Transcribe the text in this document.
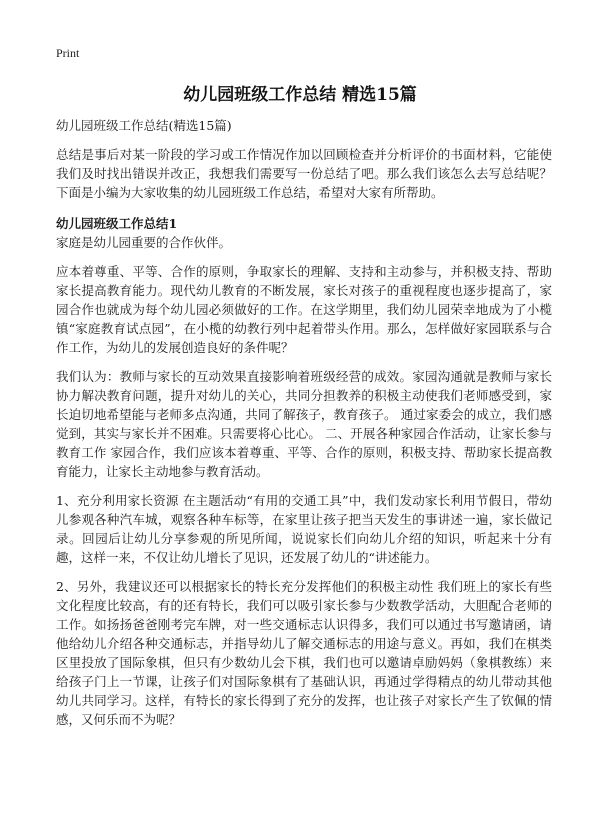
Print
幼儿园班级工作总结 精选15篇

幼儿园班级工作总结(精选15篇)

总结是事后对某一阶段的学习或工作情况作加以回顾检查并分析评价的书面材料，它能使我们及时找出错误并改正，我想我们需要写一份总结了吧。那么我们该怎么去写总结呢？下面是小编为大家收集的幼儿园班级工作总结，希望对大家有所帮助。

幼儿园班级工作总结1

家庭是幼儿园重要的合作伙伴。

应本着尊重、平等、合作的原则，争取家长的理解、支持和主动参与，并积极支持、帮助家长提高教育能力。现代幼儿教育的不断发展，家长对孩子的重视程度也逐步提高了，家园合作也就成为每个幼儿园必须做好的工作。在这学期里，我们幼儿园荣幸地成为了小榄镇“家庭教育试点园”，在小榄的幼教行列中起着带头作用。那么，怎样做好家园联系与合作工作，为幼儿的发展创造良好的条件呢？

我们认为：教师与家长的互动效果直接影响着班级经营的成效。家园沟通就是教师与家长协力解决教育问题，提升对幼儿的关心，共同分担教养的积极主动使我们老师感受到，家长迫切地希望能与老师多点沟通，共同了解孩子，教育孩子。 通过家委会的成立，我们感觉到，其实与家长并不困难。只需要将心比心。 二、开展各种家园合作活动，让家长参与教育工作 家园合作，我们应该本着尊重、平等、合作的原则，积极支持、帮助家长提高教育能力，让家长主动地参与教育活动。

1、充分利用家长资源 在主题活动“有用的交通工具”中，我们发动家长利用节假日，带幼儿参观各种汽车城，观察各种车标等，在家里让孩子把当天发生的事讲述一遍，家长做记录。回园后让幼儿分享参观的所见所闻，说说家长们向幼儿介绍的知识，听起来十分有趣，这样一来，不仅让幼儿增长了见识，还发展了幼儿的“讲述能力。

2、另外，我建议还可以根据家长的特长充分发挥他们的积极主动性 我们班上的家长有些文化程度比较高，有的还有特长，我们可以吸引家长参与少数教学活动，大胆配合老师的工作。如扬扬爸爸刚考完车牌，对一些交通标志认识得多，我们可以通过书写邀请函，请他给幼儿介绍各种交通标志，并指导幼儿了解交通标志的用途与意义。再如，我们在棋类区里投放了国际象棋，但只有少数幼儿会下棋，我们也可以邀请卓励妈妈（象棋教练）来给孩子门上一节课，让孩子们对国际象棋有了基础认识，再通过学得精点的幼儿带动其他幼儿共同学习。这样，有特长的家长得到了充分的发挥，也让孩子对家长产生了钦佩的情感，又何乐而不为呢？
